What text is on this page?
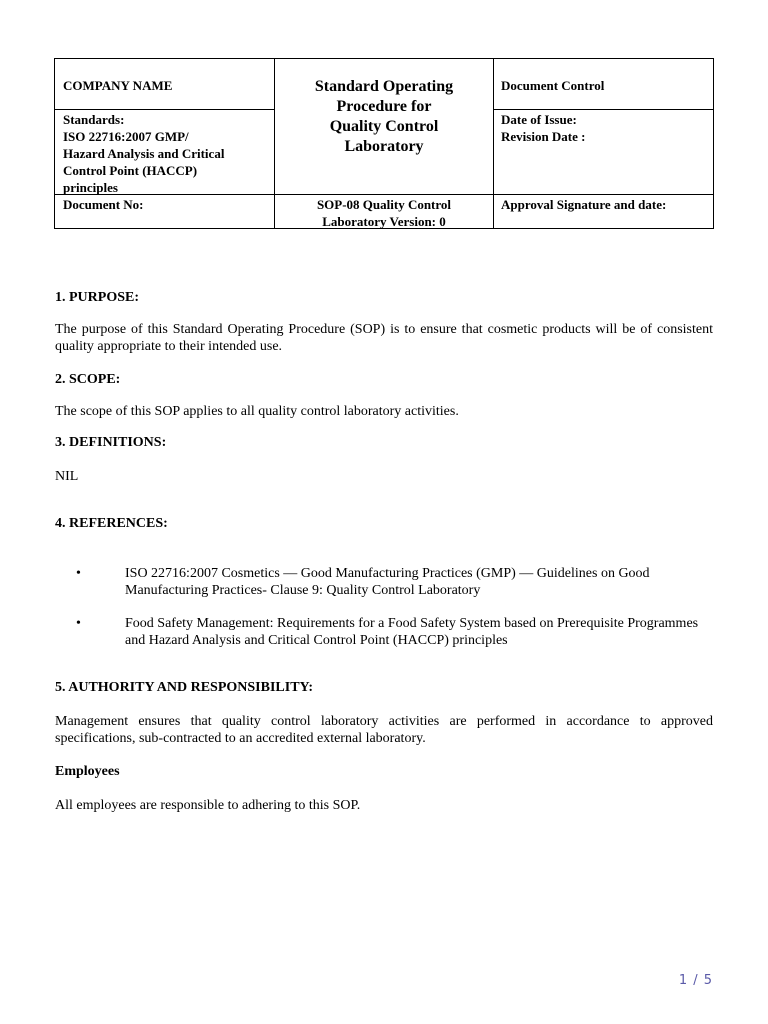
COMPANY NAME
Standards:
ISO 22716:2007 GMP/
Hazard Analysis and Critical
Control Point (HACCP)
principles
Document No:
Standard Operating
Procedure for
Quality Control
Laboratory
SOP-08 Quality Control
Laboratory Version: 0
Document Control
Date of Issue:
Revision Date :
Approval Signature and date:

1. PURPOSE:

The purpose of this Standard Operating Procedure (SOP) is to ensure that cosmetic products will be of consistent quality appropriate to their intended use.

2. SCOPE:

The scope of this SOP applies to all quality control laboratory activities.

3. DEFINITIONS:

NIL

4. REFERENCES:

•	ISO 22716:2007 Cosmetics — Good Manufacturing Practices (GMP) — Guidelines on Good Manufacturing Practices- Clause 9: Quality Control Laboratory
•	Food Safety Management: Requirements for a Food Safety System based on Prerequisite Programmes and Hazard Analysis and Critical Control Point (HACCP) principles

5. AUTHORITY AND RESPONSIBILITY:

Management ensures that quality control laboratory activities are performed in accordance to approved specifications, sub-contracted to an accredited external laboratory.

Employees

All employees are responsible to adhering to this SOP.

1 / 5
